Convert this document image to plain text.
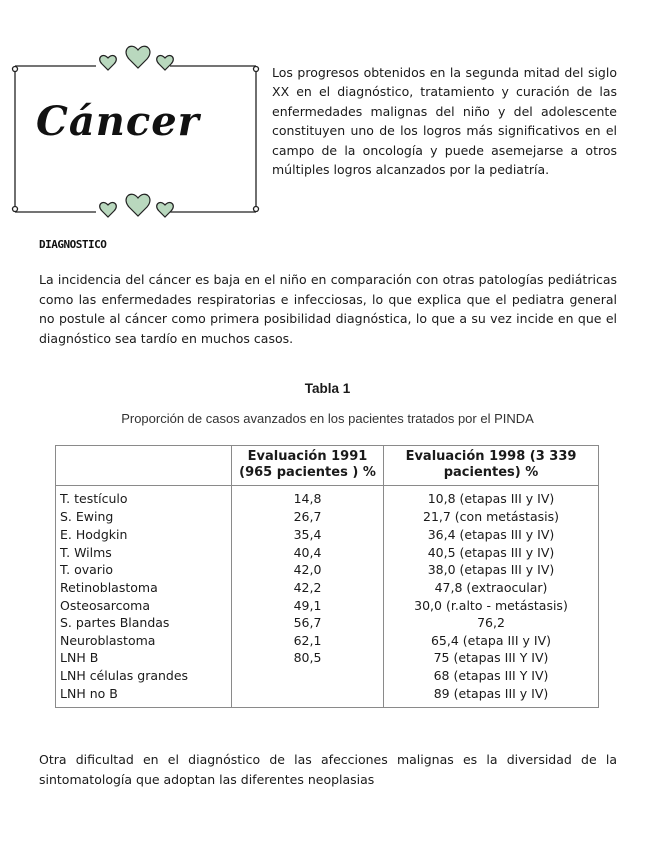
Cáncer

Los progresos obtenidos en la segunda mitad del siglo XX en el diagnóstico, tratamiento y curación de las enfermedades malignas del niño y del adolescente constituyen uno de los logros más significativos en el campo de la oncología y puede asemejarse a otros múltiples logros alcanzados por la pediatría.

DIAGNOSTICO

La incidencia del cáncer es baja en el niño en comparación con otras patologías pediátricas como las enfermedades respiratorias e infecciosas, lo que explica que el pediatra general no postule al cáncer como primera posibilidad diagnóstica, lo que a su vez incide en que el diagnóstico sea tardío en muchos casos.

Tabla 1

Proporción de casos avanzados en los pacientes tratados por el PINDA

	Evaluación 1991 (965 pacientes ) %	Evaluación 1998 (3 339 pacientes) %
T. testículo	14,8	10,8 (etapas III y IV)
S. Ewing	26,7	21,7 (con metástasis)
E. Hodgkin	35,4	36,4 (etapas III y IV)
T. Wilms	40,4	40,5 (etapas III y IV)
T. ovario	42,0	38,0 (etapas III y IV)
Retinoblastoma	42,2	47,8 (extraocular)
Osteosarcoma	49,1	30,0 (r.alto - metástasis)
S. partes Blandas	56,7	76,2
Neuroblastoma	62,1	65,4 (etapa III y IV)
LNH B	80,5	75 (etapas III Y IV)
LNH células grandes		68 (etapas III Y IV)
LNH no B		89 (etapas III y IV)

Otra dificultad en el diagnóstico de las afecciones malignas es la diversidad de la sintomatología que adoptan las diferentes neoplasias
